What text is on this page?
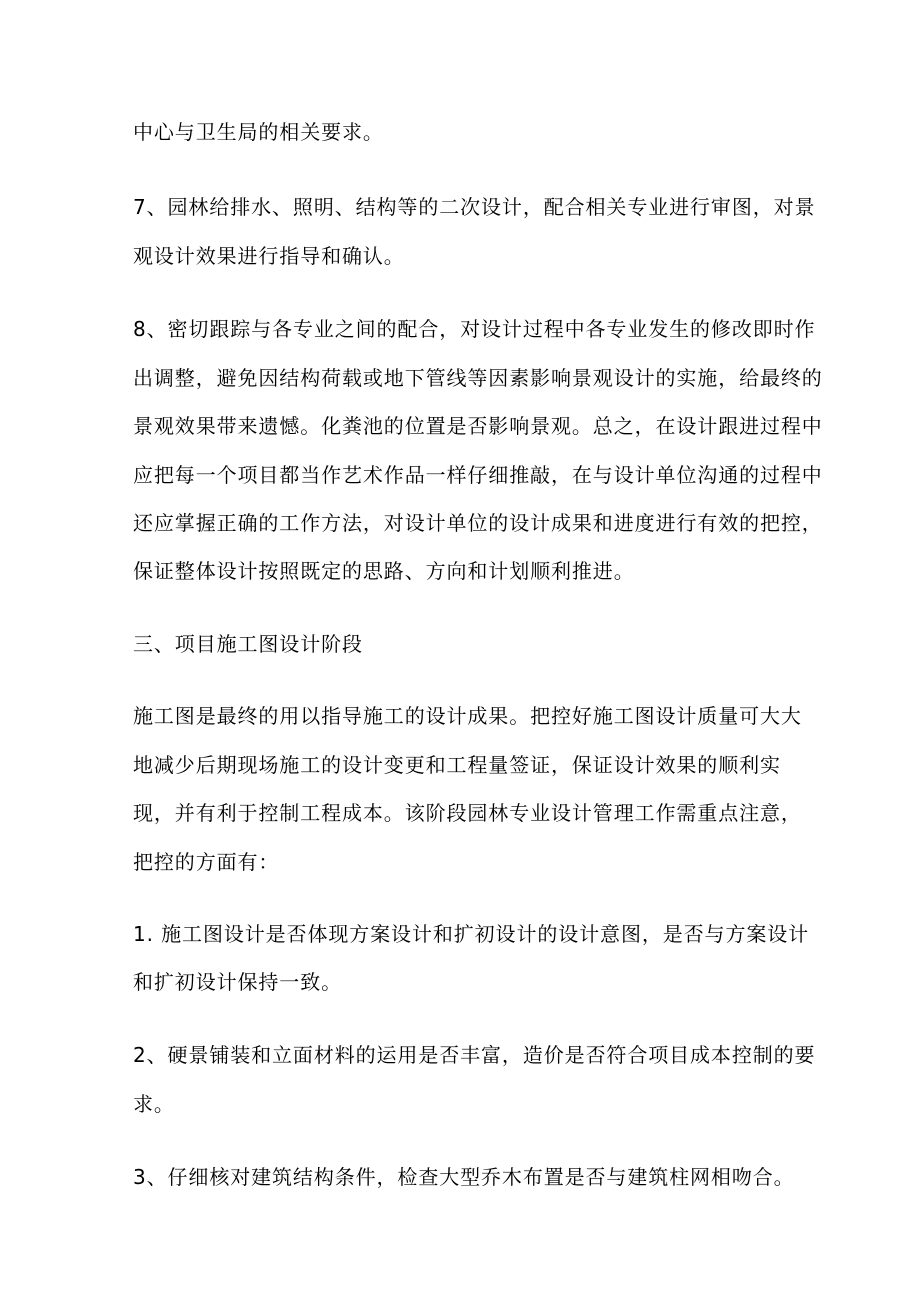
中心与卫生局的相关要求。
7、园林给排水、照明、结构等的二次设计，配合相关专业进行审图，对景
观设计效果进行指导和确认。
8、密切跟踪与各专业之间的配合，对设计过程中各专业发生的修改即时作
出调整，避免因结构荷载或地下管线等因素影响景观设计的实施，给最终的
景观效果带来遗憾。化粪池的位置是否影响景观。总之，在设计跟进过程中
应把每一个项目都当作艺术作品一样仔细推敲，在与设计单位沟通的过程中
还应掌握正确的工作方法，对设计单位的设计成果和进度进行有效的把控，
保证整体设计按照既定的思路、方向和计划顺利推进。
三、项目施工图设计阶段
施工图是最终的用以指导施工的设计成果。把控好施工图设计质量可大大
地减少后期现场施工的设计变更和工程量签证，保证设计效果的顺利实
现，并有利于控制工程成本。该阶段园林专业设计管理工作需重点注意，
把控的方面有：
1. 施工图设计是否体现方案设计和扩初设计的设计意图，是否与方案设计
和扩初设计保持一致。
2、硬景铺装和立面材料的运用是否丰富，造价是否符合项目成本控制的要
求。
3、仔细核对建筑结构条件，检查大型乔木布置是否与建筑柱网相吻合。
